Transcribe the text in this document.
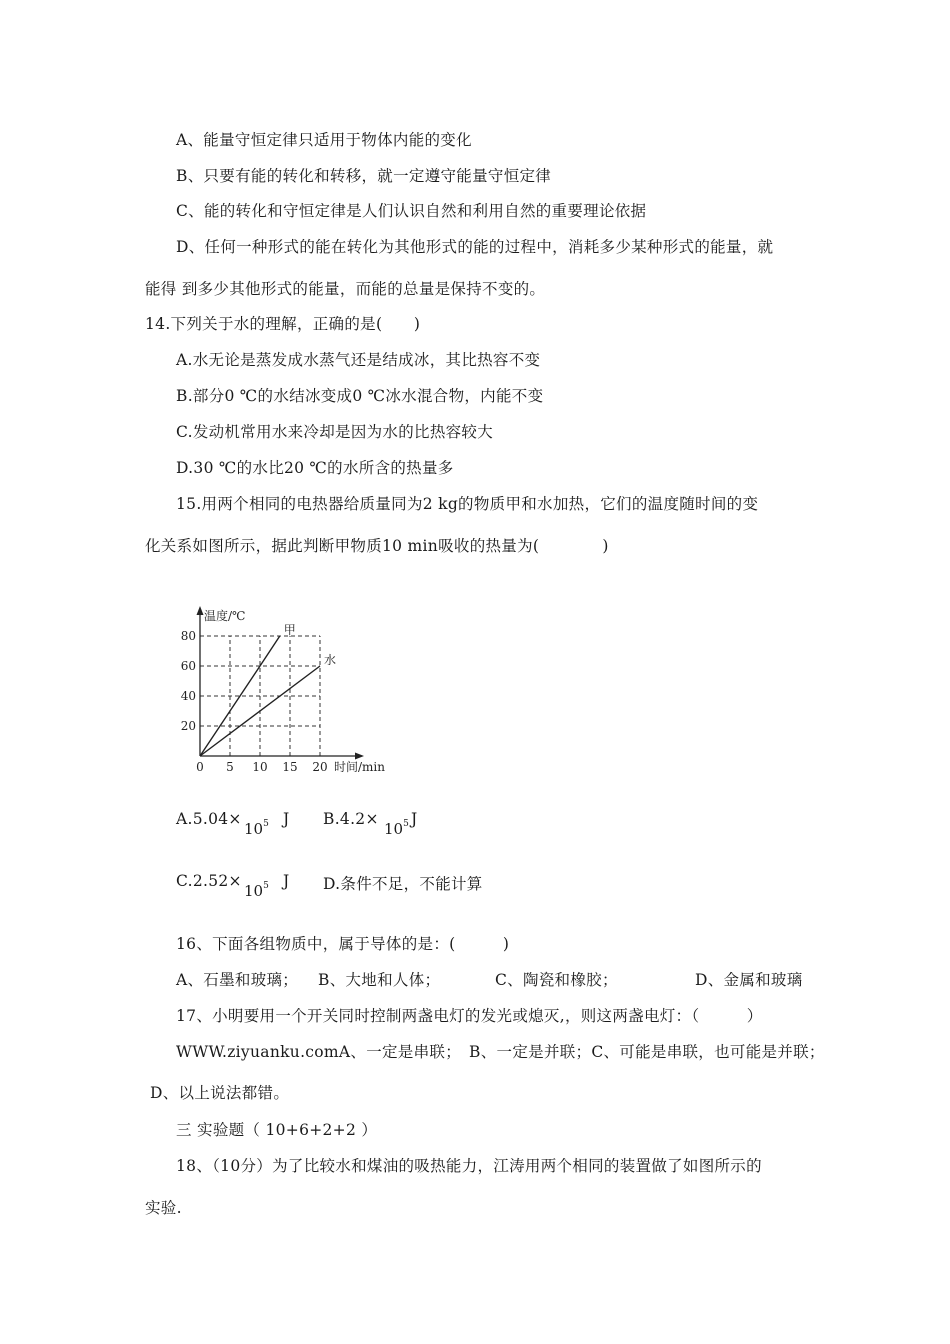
A、能量守恒定律只适用于物体内能的变化
B、只要有能的转化和转移，就一定遵守能量守恒定律
C、能的转化和守恒定律是人们认识自然和利用自然的重要理论依据
D、任何一种形式的能在转化为其他形式的能的过程中，消耗多少某种形式的能量，就
能得 到多少其他形式的能量，而能的总量是保持不变的。
14.下列关于水的理解，正确的是(　　)
A.水无论是蒸发成水蒸气还是结成冰，其比热容不变
B.部分0 ℃的水结冰变成0 ℃冰水混合物，内能不变
C.发动机常用水来冷却是因为水的比热容较大
D.30 ℃的水比20 ℃的水所含的热量多
15.用两个相同的电热器给质量同为2 kg的物质甲和水加热，它们的温度随时间的变
化关系如图所示，据此判断甲物质10 min吸收的热量为(　　　　)
0 5 10 15 20
20
40
60
80
温度/℃
时间/min
甲
水
A.5.04×
$10^5$ J B.4.2×
$10^5$ J
C.2.52×
$10^5$ J D.条件不足，不能计算
16、下面各组物质中，属于导体的是：(　　　)
A、石墨和玻璃； B、大地和人体；	C、陶瓷和橡胶；	D、金属和玻璃
17、小明要用一个开关同时控制两盏电灯的发光或熄灭,，则这两盏电灯：（　　　）
WWW.ziyuanku.comA、一定是串联；　B、一定是并联；C、可能是串联，也可能是并联；
D、以上说法都错。
三 实验题（ 10+6+2+2 ）
18、（10分）为了比较水和煤油的吸热能力，江涛用两个相同的装置做了如图所示的
实验.
